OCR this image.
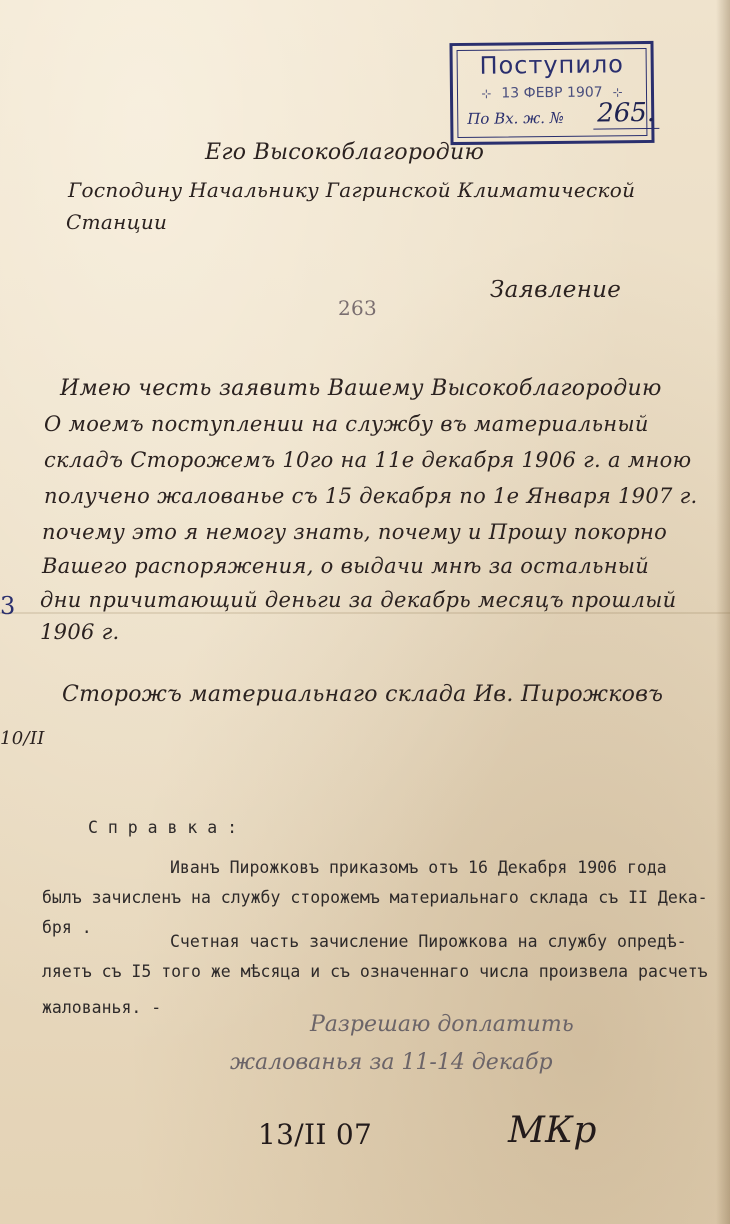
Поступило
⊹ 13 ФЕВР 1907 ⊹
По Вх. ж. № 265.
Его Высокоблагородию
Господину Начальнику Гагринской Климатической
Станции
Заявление
263
Имею честь заявить Вашему Высокоблагородию
О моемъ поступлении на службу въ материальный
складъ Сторожемъ 10го на 11е декабря 1906 г. а мною
получено жалованье съ 15 декабря по 1е Января 1907 г.
почему это я немогу знать, почему и Прошу покорно
Вашего распоряжения, о выдачи мнѣ за остальный
дни причитающий деньги за декабрь месяцъ прошлый
1906 г.
Сторожъ материальнаго склада Ив. Пирожковъ
3
10/II
С п р а в к а :
Иванъ Пирожковъ приказомъ отъ 16 Декабря 1906 года
былъ зачисленъ на службу сторожемъ материальнаго склада съ II Дека-
бря .
Счетная часть зачисление Пирожкова на службу опредѣ-
ляетъ съ I5 того же мѣсяца и съ означеннаго числа произвела расчетъ
жалованья. -
Разрешаю доплатить
жалованья за 11-14 декабр
13/II 07	МКр
